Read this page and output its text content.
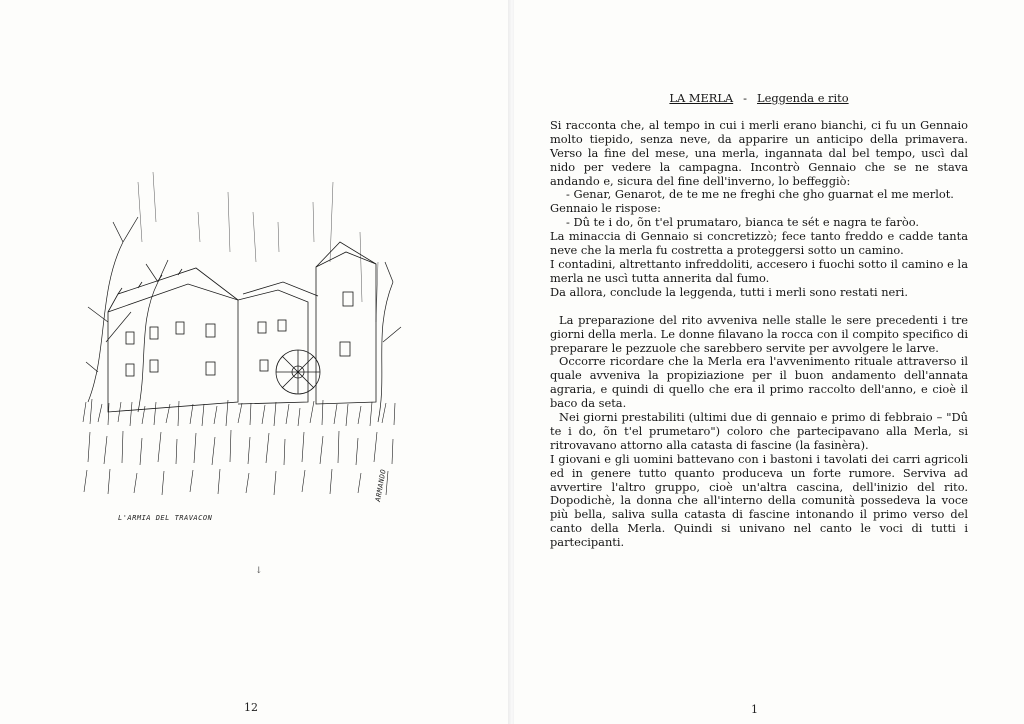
L'ARMIA DEL TRAVACON
ARMANDO
↓
12

LA MERLA - Leggenda e rito

Si racconta che, al tempo in cui i merli erano bianchi, ci fu un Gennaio molto tiepido, senza neve, da apparire un anticipo della primavera. Verso la fine del mese, una merla, ingannata dal bel tempo, uscì dal nido per vedere la campagna. Incontrò Gennaio che se ne stava andando e, sicura del fine dell'inverno, lo beffeggiò:

- Genar, Genarot, de te me ne freghi che gho guarnat el me merlot.

Gennaio le rispose:

- Dû te i do, õn t'el prumataro, bianca te sét e nagra te faròo.

La minaccia di Gennaio si concretizzò; fece tanto freddo e cadde tanta neve che la merla fu costretta a proteggersi sotto un camino.

I contadini, altrettanto infreddoliti, accesero i fuochi sotto il camino e la merla ne uscì tutta annerita dal fumo.

Da allora, conclude la leggenda, tutti i merli sono restati neri.

La preparazione del rito avveniva nelle stalle le sere precedenti i tre giorni della merla. Le donne filavano la rocca con il compito specifico di preparare le pezzuole che sarebbero servite per avvolgere le larve.

Occorre ricordare che la Merla era l'avvenimento rituale attraverso il quale avveniva la propiziazione per il buon andamento dell'annata agraria, e quindi di quello che era il primo raccolto dell'anno, e cioè il baco da seta.

Nei giorni prestabiliti (ultimi due di gennaio e primo di febbraio – "Dû te i do, õn t'el prumetaro") coloro che partecipavano alla Merla, si ritrovavano attorno alla catasta di fascine (la fasinèra).

I giovani e gli uomini battevano con i bastoni i tavolati dei carri agricoli ed in genere tutto quanto produceva un forte rumore. Serviva ad avvertire l'altro gruppo, cioè un'altra cascina, dell'inizio del rito. Dopodichè, la donna che all'interno della comunità possedeva la voce più bella, saliva sulla catasta di fascine intonando il primo verso del canto della Merla. Quindi si univano nel canto le voci di tutti i partecipanti.

1
